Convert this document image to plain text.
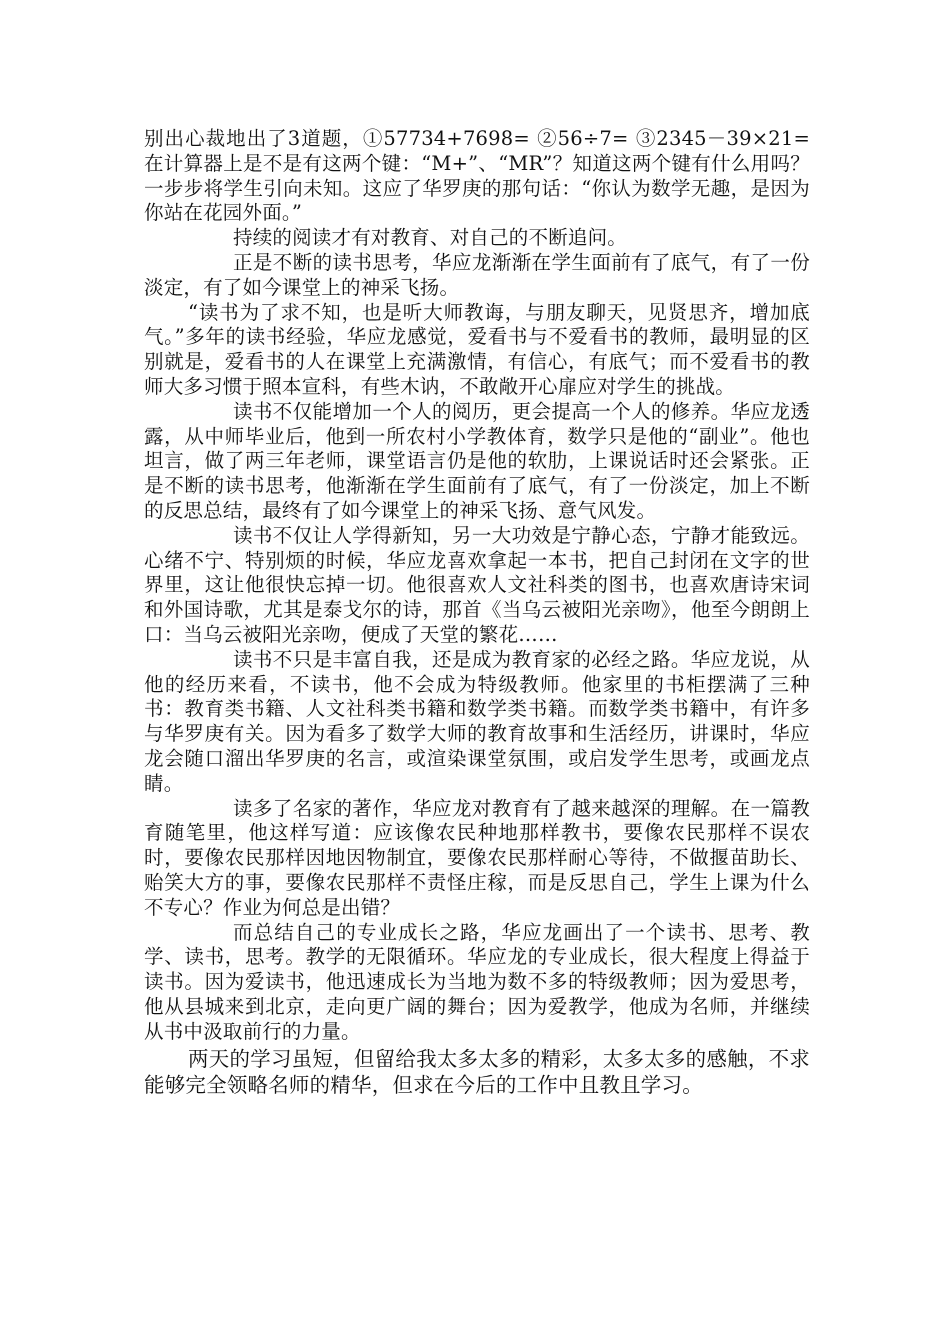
别出心裁地出了3道题，①57734+7698= ②56÷7= ③2345－39×21=在计算器上是不是有这两个键：“M+”、“MR”？知道这两个键有什么用吗？一步步将学生引向未知。这应了华罗庚的那句话：“你认为数学无趣，是因为你站在花园外面。”

持续的阅读才有对教育、对自己的不断追问。

正是不断的读书思考，华应龙渐渐在学生面前有了底气，有了一份淡定，有了如今课堂上的神采飞扬。

“读书为了求不知，也是听大师教诲，与朋友聊天，见贤思齐，增加底气。”多年的读书经验，华应龙感觉，爱看书与不爱看书的教师，最明显的区别就是，爱看书的人在课堂上充满激情，有信心，有底气；而不爱看书的教师大多习惯于照本宣科，有些木讷，不敢敞开心扉应对学生的挑战。

读书不仅能增加一个人的阅历，更会提高一个人的修养。华应龙透露，从中师毕业后，他到一所农村小学教体育，数学只是他的“副业”。他也坦言，做了两三年老师，课堂语言仍是他的软肋，上课说话时还会紧张。正是不断的读书思考，他渐渐在学生面前有了底气，有了一份淡定，加上不断的反思总结，最终有了如今课堂上的神采飞扬、意气风发。

读书不仅让人学得新知，另一大功效是宁静心态，宁静才能致远。心绪不宁、特别烦的时候，华应龙喜欢拿起一本书，把自己封闭在文字的世界里，这让他很快忘掉一切。他很喜欢人文社科类的图书，也喜欢唐诗宋词和外国诗歌，尤其是泰戈尔的诗，那首《当乌云被阳光亲吻》，他至今朗朗上口：当乌云被阳光亲吻，便成了天堂的繁花……

读书不只是丰富自我，还是成为教育家的必经之路。华应龙说，从他的经历来看，不读书，他不会成为特级教师。他家里的书柜摆满了三种书：教育类书籍、人文社科类书籍和数学类书籍。而数学类书籍中，有许多与华罗庚有关。因为看多了数学大师的教育故事和生活经历，讲课时，华应龙会随口溜出华罗庚的名言，或渲染课堂氛围，或启发学生思考，或画龙点睛。

读多了名家的著作，华应龙对教育有了越来越深的理解。在一篇教育随笔里，他这样写道：应该像农民种地那样教书，要像农民那样不误农时，要像农民那样因地因物制宜，要像农民那样耐心等待，不做揠苗助长、贻笑大方的事，要像农民那样不责怪庄稼，而是反思自己，学生上课为什么不专心？作业为何总是出错？

而总结自己的专业成长之路，华应龙画出了一个读书、思考、教学、读书，思考。教学的无限循环。华应龙的专业成长，很大程度上得益于读书。因为爱读书，他迅速成长为当地为数不多的特级教师；因为爱思考，他从县城来到北京，走向更广阔的舞台；因为爱教学，他成为名师，并继续从书中汲取前行的力量。

两天的学习虽短，但留给我太多太多的精彩，太多太多的感触，不求能够完全领略名师的精华，但求在今后的工作中且教且学习。
